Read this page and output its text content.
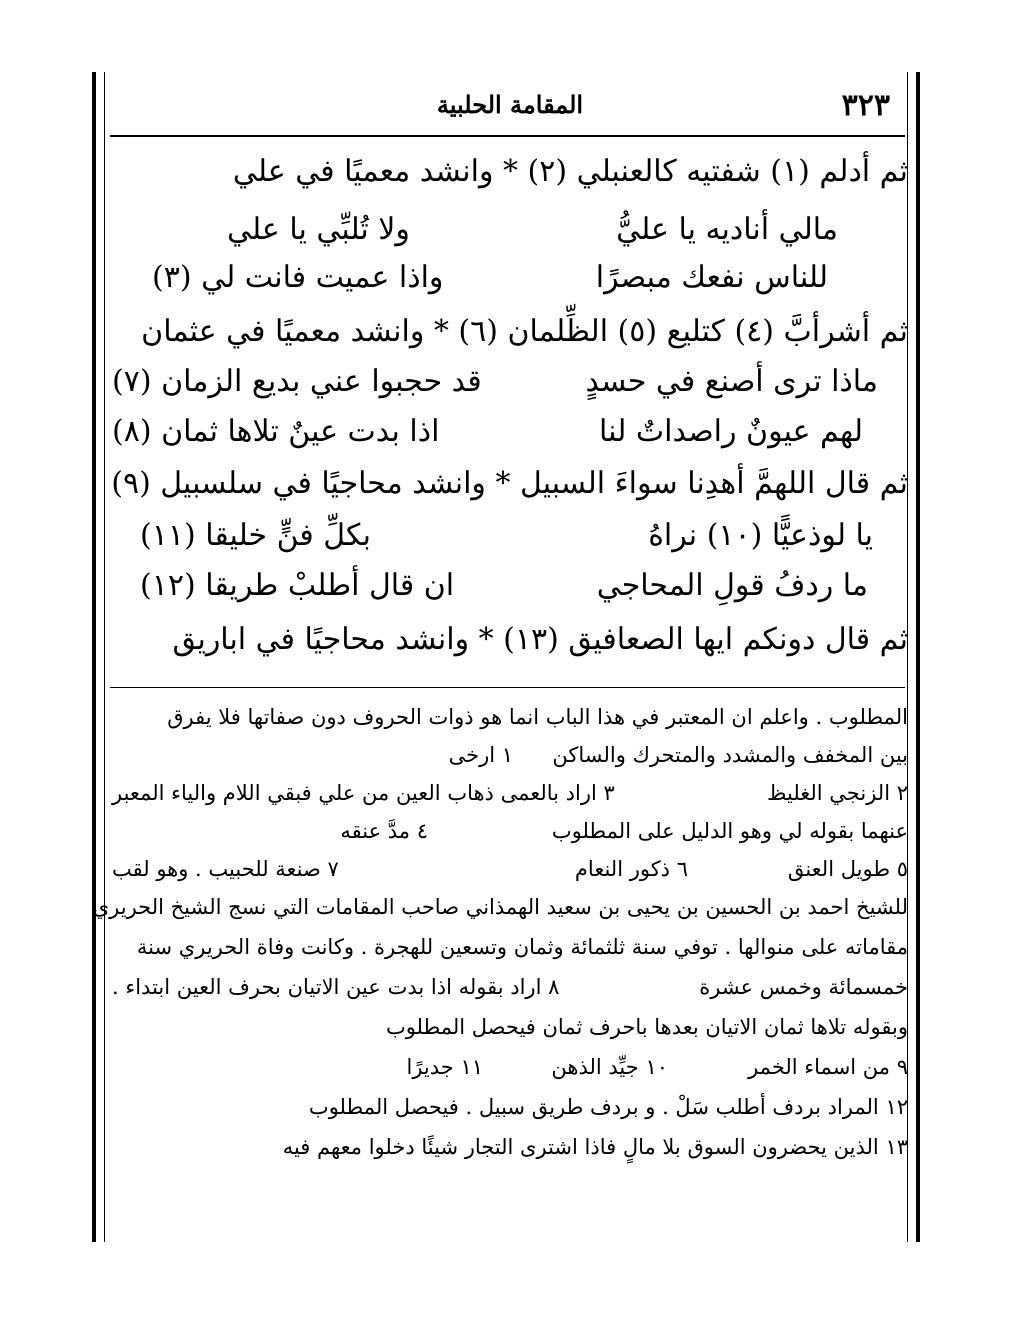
المقامة الحلبية	٣٢٣
ثم أدلم (١) شفتيه كالعنبلي (٢) * وانشد معميًا في علي
مالي أناديه يا عليُّ
ولا تُلبِّي يا علي
للناس نفعك مبصرًا
واذا عميت فانت لي (٣)
ثم أشرأبَّ (٤) كتليع (٥) الظِّلمان (٦) * وانشد معميًا في عثمان
ماذا ترى أصنع في حسدٍ
قد حجبوا عني بديع الزمان (٧)
لهم عيونٌ راصداتٌ لنا
اذا بدت عينٌ تلاها ثمان (٨)
ثم قال اللهمَّ أهدِنا سواءَ السبيل * وانشد محاجيًا في سلسبيل (٩)
يا لوذعيًّا (١٠) نراهُ
بكلِّ فنٍّ خليقا (١١)
ما ردفُ قولِ المحاجي
ان قال أطلبْ طريقا (١٢)
ثم قال دونكم ايها الصعافيق (١٣) * وانشد محاجيًا في اباريق
المطلوب . واعلم ان المعتبر في هذا الباب انما هو ذوات الحروف دون صفاتها فلا يفرق
بين المخفف والمشدد والمتحرك والساكن
١ ارخى
٢ الزنجي الغليظ
٣ اراد بالعمى ذهاب العين من علي فبقي اللام والياء المعبر
عنهما بقوله لي وهو الدليل على المطلوب
٤ مدَّ عنقه
٥ طويل العنق
٦ ذكور النعام
٧ صنعة للحبيب . وهو لقب
للشيخ احمد بن الحسين بن يحيى بن سعيد الهمذاني صاحب المقامات التي نسج الشيخ الحريري
مقاماته على منوالها . توفي سنة ثلثمائة وثمان وتسعين للهجرة . وكانت وفاة الحريري سنة
خمسمائة وخمس عشرة
٨ اراد بقوله اذا بدت عين الاتيان بحرف العين ابتداء .
وبقوله تلاها ثمان الاتيان بعدها باحرف ثمان فيحصل المطلوب
٩ من اسماء الخمر
١٠ جيِّد الذهن
١١ جديرًا
١٢ المراد بردف أطلب سَلْ . و بردف طريق سبيل . فيحصل المطلوب
١٣ الذين يحضرون السوق بلا مالٍ فاذا اشترى التجار شيئًا دخلوا معهم فيه
